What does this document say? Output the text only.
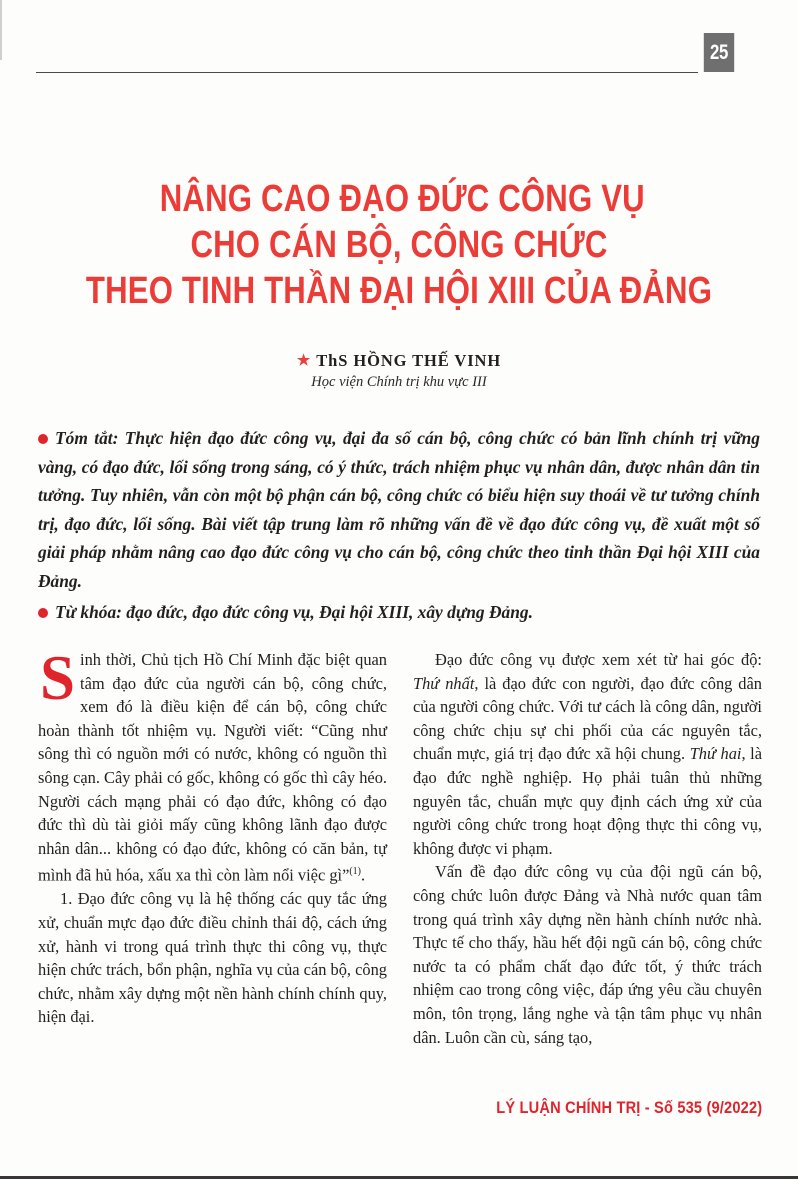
25
NÂNG CAO ĐẠO ĐỨC CÔNG VỤ
CHO CÁN BỘ, CÔNG CHỨC
THEO TINH THẦN ĐẠI HỘI XIII CỦA ĐẢNG
★ ThS HỒNG THẾ VINH
Học viện Chính trị khu vực III

Tóm tắt: Thực hiện đạo đức công vụ, đại đa số cán bộ, công chức có bản lĩnh chính trị vững vàng, có đạo đức, lối sống trong sáng, có ý thức, trách nhiệm phục vụ nhân dân, được nhân dân tin tưởng. Tuy nhiên, vẫn còn một bộ phận cán bộ, công chức có biểu hiện suy thoái về tư tưởng chính trị, đạo đức, lối sống. Bài viết tập trung làm rõ những vấn đề về đạo đức công vụ, đề xuất một số giải pháp nhằm nâng cao đạo đức công vụ cho cán bộ, công chức theo tinh thần Đại hội XIII của Đảng.

Từ khóa: đạo đức, đạo đức công vụ, Đại hội XIII, xây dựng Đảng.

Sinh thời, Chủ tịch Hồ Chí Minh đặc biệt quan tâm đạo đức của người cán bộ, công chức, xem đó là điều kiện để cán bộ, công chức hoàn thành tốt nhiệm vụ. Người viết: “Cũng như sông thì có nguồn mới có nước, không có nguồn thì sông cạn. Cây phải có gốc, không có gốc thì cây héo. Người cách mạng phải có đạo đức, không có đạo đức thì dù tài giỏi mấy cũng không lãnh đạo được nhân dân... không có đạo đức, không có căn bản, tự mình đã hủ hóa, xấu xa thì còn làm nổi việc gì”$^{(1)}$.

1. Đạo đức công vụ là hệ thống các quy tắc ứng xử, chuẩn mực đạo đức điều chỉnh thái độ, cách ứng xử, hành vi trong quá trình thực thi công vụ, thực hiện chức trách, bổn phận, nghĩa vụ của cán bộ, công chức, nhằm xây dựng một nền hành chính chính quy, hiện đại.

Đạo đức công vụ được xem xét từ hai góc độ: Thứ nhất, là đạo đức con người, đạo đức công dân của người công chức. Với tư cách là công dân, người công chức chịu sự chi phối của các nguyên tắc, chuẩn mực, giá trị đạo đức xã hội chung. Thứ hai, là đạo đức nghề nghiệp. Họ phải tuân thủ những nguyên tắc, chuẩn mực quy định cách ứng xử của người công chức trong hoạt động thực thi công vụ, không được vi phạm.

Vấn đề đạo đức công vụ của đội ngũ cán bộ, công chức luôn được Đảng và Nhà nước quan tâm trong quá trình xây dựng nền hành chính nước nhà. Thực tế cho thấy, hầu hết đội ngũ cán bộ, công chức nước ta có phẩm chất đạo đức tốt, ý thức trách nhiệm cao trong công việc, đáp ứng yêu cầu chuyên môn, tôn trọng, lắng nghe và tận tâm phục vụ nhân dân. Luôn cần cù, sáng tạo,

LÝ LUẬN CHÍNH TRỊ - Số 535 (9/2022)
